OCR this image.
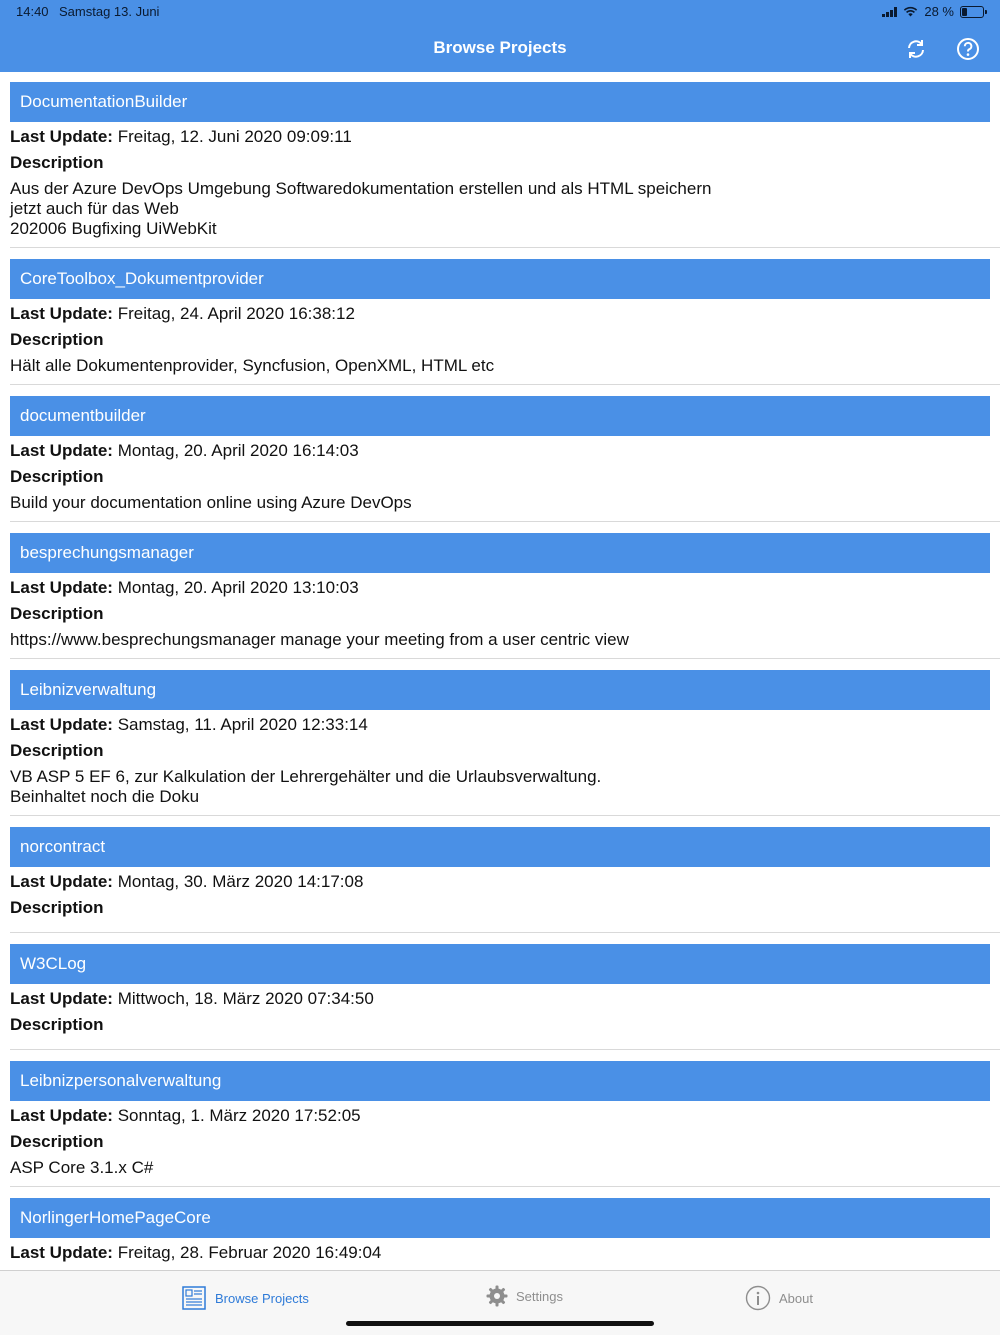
14:40 Samstag 13. Juni	28 %
Browse Projects
DocumentationBuilder
Last Update: Freitag, 12. Juni 2020 09:09:11
Description
Aus der Azure DevOps Umgebung Softwaredokumentation erstellen und als HTML speichern
jetzt auch für das Web
202006 Bugfixing UiWebKit
CoreToolbox_Dokumentprovider
Last Update: Freitag, 24. April 2020 16:38:12
Description
Hält alle Dokumentenprovider, Syncfusion, OpenXML, HTML etc
documentbuilder
Last Update: Montag, 20. April 2020 16:14:03
Description
Build your documentation online using Azure DevOps
besprechungsmanager
Last Update: Montag, 20. April 2020 13:10:03
Description
https://www.besprechungsmanager manage your meeting from a user centric view
Leibnizverwaltung
Last Update: Samstag, 11. April 2020 12:33:14
Description
VB ASP 5 EF 6, zur Kalkulation der Lehrergehälter und die Urlaubsverwaltung.
Beinhaltet noch die Doku
norcontract
Last Update: Montag, 30. März 2020 14:17:08
Description
W3CLog
Last Update: Mittwoch, 18. März 2020 07:34:50
Description
Leibnizpersonalverwaltung
Last Update: Sonntag, 1. März 2020 17:52:05
Description
ASP Core 3.1.x C#
NorlingerHomePageCore
Last Update: Freitag, 28. Februar 2020 16:49:04
Browse Projects	Settings	About
